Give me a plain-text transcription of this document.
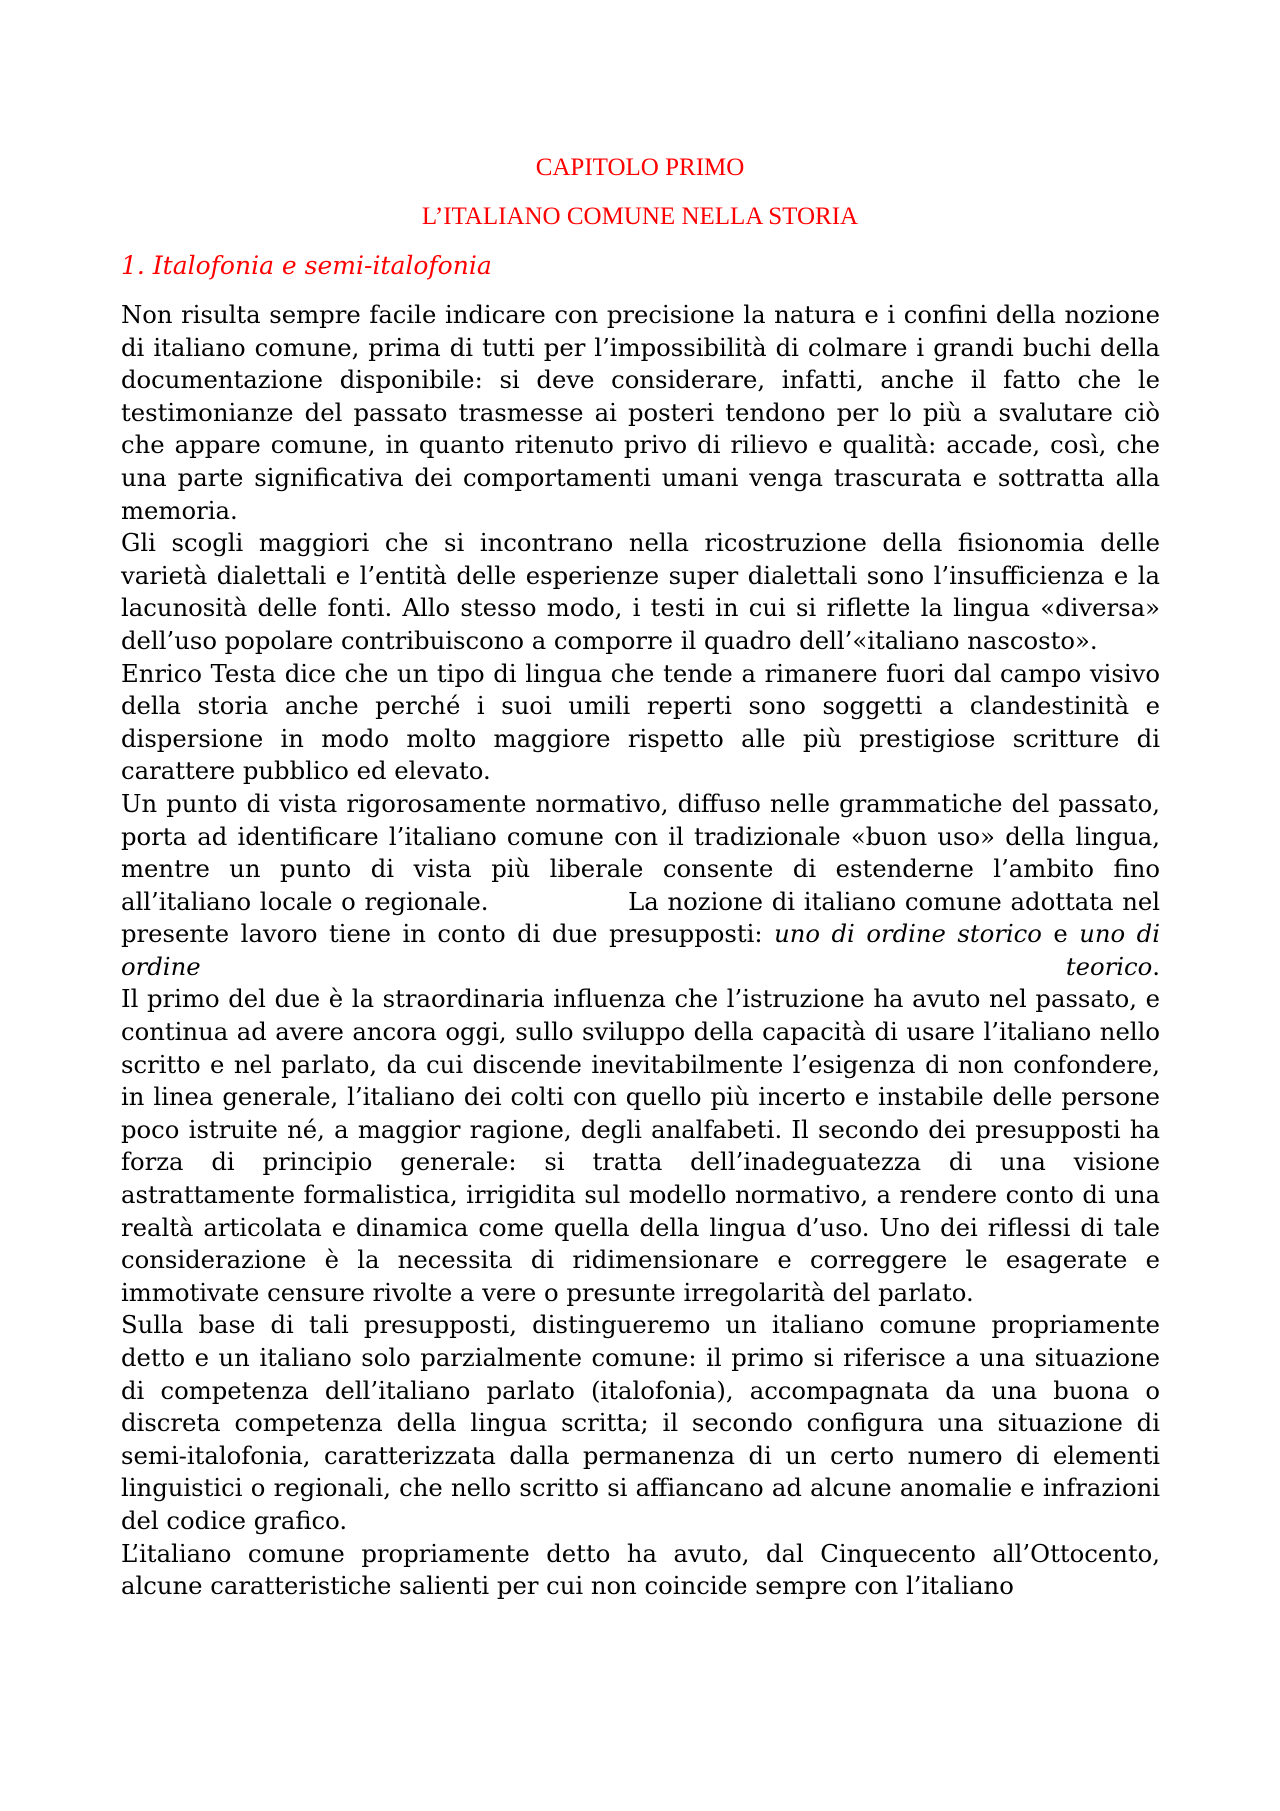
CAPITOLO PRIMO
L’ITALIANO COMUNE NELLA STORIA
1. Italofonia e semi-italofonia

Non risulta sempre facile indicare con precisione la natura e i confini della nozione di italiano comune, prima di tutti per l’impossibilità di colmare i grandi buchi della documentazione disponibile: si deve considerare, infatti, anche il fatto che le testimonianze del passato trasmesse ai posteri tendono per lo più a svalutare ciò che appare comune, in quanto ritenuto privo di rilievo e qualità: accade, così, che una parte significativa dei comportamenti umani venga trascurata e sottratta alla memoria.

Gli scogli maggiori che si incontrano nella ricostruzione della fisionomia delle varietà dialettali e l’entità delle esperienze super dialettali sono l’insufficienza e la lacunosità delle fonti. Allo stesso modo, i testi in cui si riflette la lingua «diversa» dell’uso popolare contribuiscono a comporre il quadro dell’«italiano nascosto».

Enrico Testa dice che un tipo di lingua che tende a rimanere fuori dal campo visivo della storia anche perché i suoi umili reperti sono soggetti a clandestinità e dispersione in modo molto maggiore rispetto alle più prestigiose scritture di carattere pubblico ed elevato.

Un punto di vista rigorosamente normativo, diffuso nelle grammatiche del passato, porta ad identificare l’italiano comune con il tradizionale «buon uso» della lingua, mentre un punto di vista più liberale consente di estenderne l’ambito fino all’italiano locale o regionale.                La nozione di italiano comune adottata nel presente lavoro tiene in conto di due presupposti: uno di ordine storico e uno di ordine teorico.

Il primo del due è la straordinaria influenza che l’istruzione ha avuto nel passato, e continua ad avere ancora oggi, sullo sviluppo della capacità di usare l’italiano nello scritto e nel parlato, da cui discende inevitabilmente l’esigenza di non confondere, in linea generale, l’italiano dei colti con quello più incerto e instabile delle persone poco istruite né, a maggior ragione, degli analfabeti. Il secondo dei presupposti ha forza di principio generale: si tratta dell’inadeguatezza di una visione astrattamente formalistica, irrigidita sul modello normativo, a rendere conto di una realtà articolata e dinamica come quella della lingua d’uso. Uno dei riflessi di tale considerazione è la necessita di ridimensionare e correggere le esagerate e immotivate censure rivolte a vere o presunte irregolarità del parlato.

Sulla base di tali presupposti, distingueremo un italiano comune propriamente detto e un italiano solo parzialmente comune: il primo si riferisce a una situazione di competenza dell’italiano parlato (italofonia), accompagnata da una buona o discreta competenza della lingua scritta; il secondo configura una situazione di semi-italofonia, caratterizzata dalla permanenza di un certo numero di elementi linguistici o regionali, che nello scritto si affiancano ad alcune anomalie e infrazioni del codice grafico.

L’italiano comune propriamente detto ha avuto, dal Cinquecento all’Ottocento, alcune caratteristiche salienti per cui non coincide sempre con l’italiano
